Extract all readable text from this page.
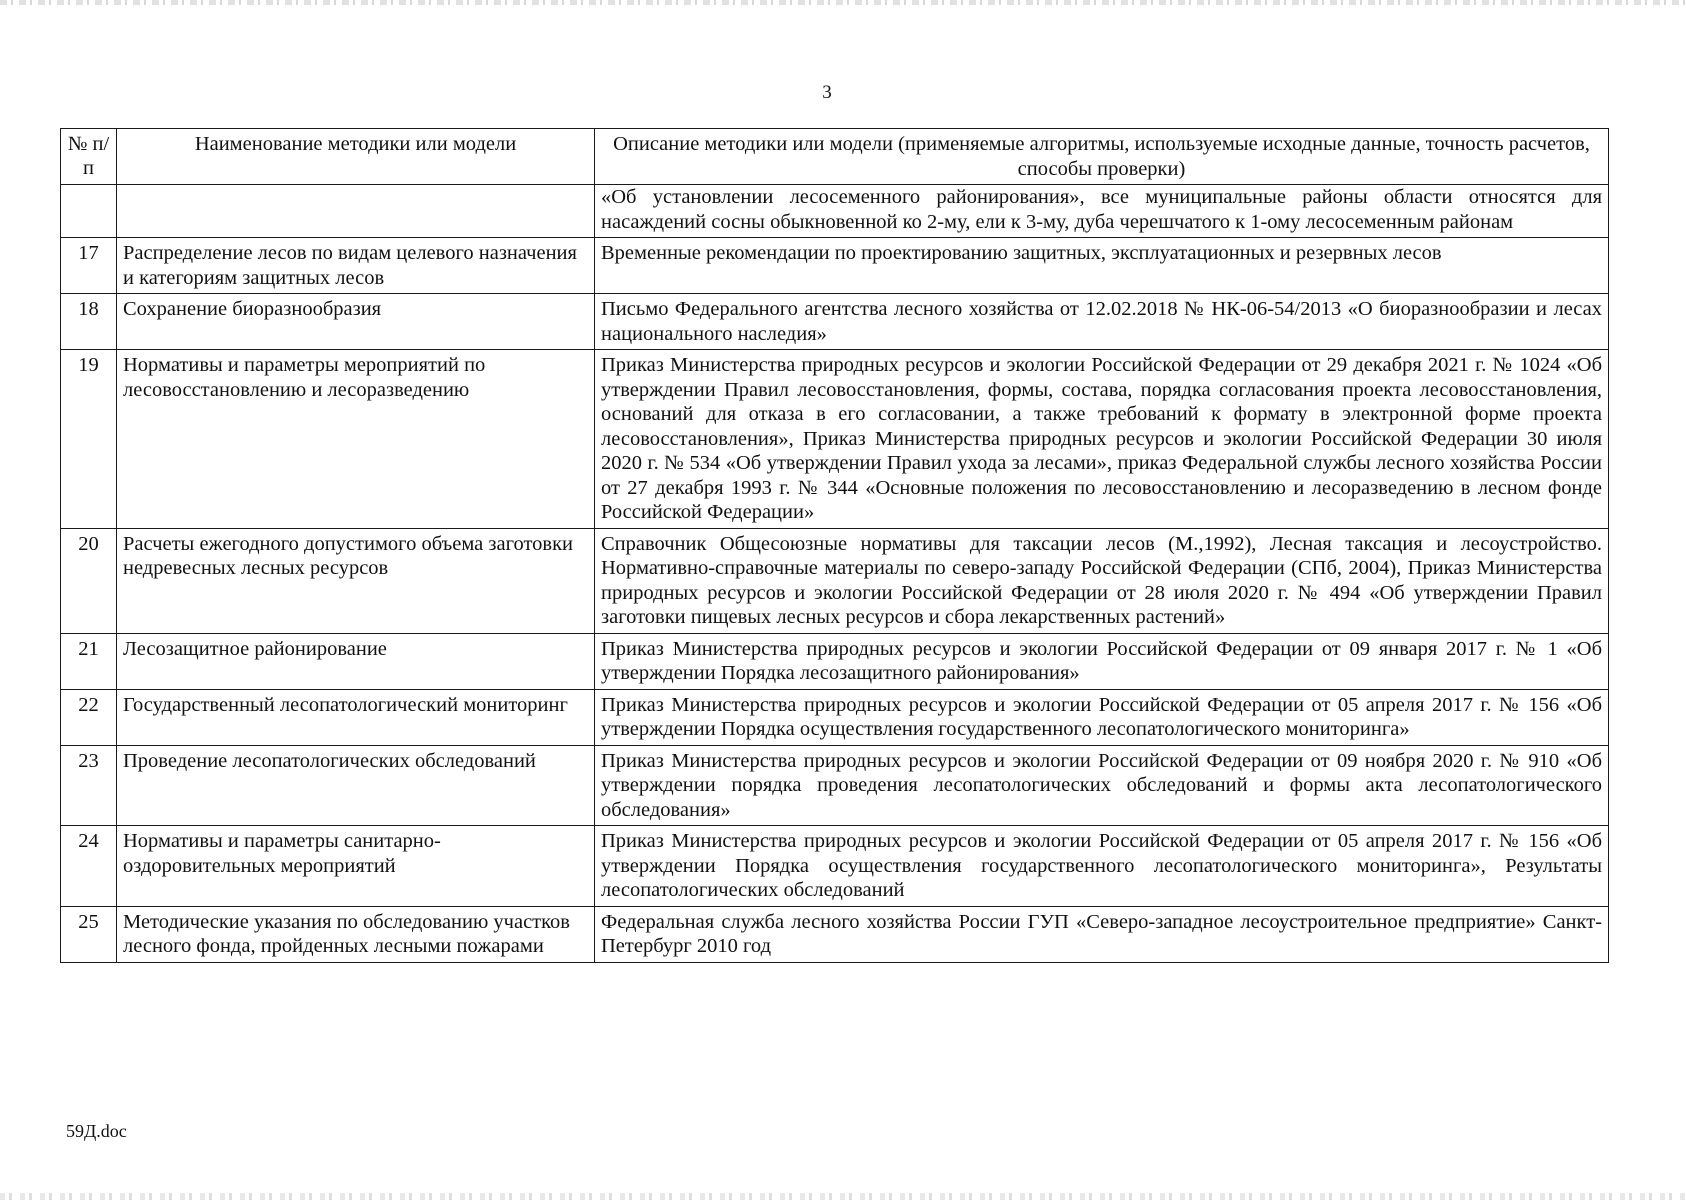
3
№ п/п	Наименование методики или модели	Описание методики или модели (применяемые алгоритмы, используемые исходные данные, точность расчетов, способы проверки)
		«Об установлении лесосеменного районирования», все муниципальные районы области относятся для насаждений сосны обыкновенной ко 2-му, ели к 3-му, дуба черешчатого к 1-ому лесосеменным районам
17	Распределение лесов по видам целевого назначения и категориям защитных лесов	Временные рекомендации по проектированию защитных, эксплуатационных и резервных лесов
18	Сохранение биоразнообразия	Письмо Федерального агентства лесного хозяйства от 12.02.2018 № НК-06-54/2013 «О биоразнообразии и лесах национального наследия»
19	Нормативы и параметры мероприятий по лесовосстановлению и лесоразведению	Приказ Министерства природных ресурсов и экологии Российской Федерации от 29 декабря 2021 г. № 1024 «Об утверждении Правил лесовосстановления, формы, состава, порядка согласования проекта лесовосстановления, оснований для отказа в его согласовании, а также требований к формату в электронной форме проекта лесовосстановления», Приказ Министерства природных ресурсов и экологии Российской Федерации 30 июля 2020 г. № 534 «Об утверждении Правил ухода за лесами», приказ Федеральной службы лесного хозяйства России от 27 декабря 1993 г. № 344 «Основные положения по лесовосстановлению и лесоразведению в лесном фонде Российской Федерации»
20	Расчеты ежегодного допустимого объема заготовки недревесных лесных ресурсов	Справочник Общесоюзные нормативы для таксации лесов (М.,1992), Лесная таксация и лесоустройство. Нормативно-справочные материалы по северо-западу Российской Федерации (СПб, 2004), Приказ Министерства природных ресурсов и экологии Российской Федерации от 28 июля 2020 г. № 494 «Об утверждении Правил заготовки пищевых лесных ресурсов и сбора лекарственных растений»
21	Лесозащитное районирование	Приказ Министерства природных ресурсов и экологии Российской Федерации от 09 января 2017 г. № 1 «Об утверждении Порядка лесозащитного районирования»
22	Государственный лесопатологический мониторинг	Приказ Министерства природных ресурсов и экологии Российской Федерации от 05 апреля 2017 г. № 156 «Об утверждении Порядка осуществления государственного лесопатологического мониторинга»
23	Проведение лесопатологических обследований	Приказ Министерства природных ресурсов и экологии Российской Федерации от 09 ноября 2020 г. № 910 «Об утверждении порядка проведения лесопатологических обследований и формы акта лесопатологического обследования»
24	Нормативы и параметры санитарно-оздоровительных мероприятий	Приказ Министерства природных ресурсов и экологии Российской Федерации от 05 апреля 2017 г. № 156 «Об утверждении Порядка осуществления государственного лесопатологического мониторинга», Результаты лесопатологических обследований
25	Методические указания по обследованию участков лесного фонда, пройденных лесными пожарами	Федеральная служба лесного хозяйства России ГУП «Северо-западное лесоустроительное предприятие» Санкт-Петербург 2010 год
59Д.doc
